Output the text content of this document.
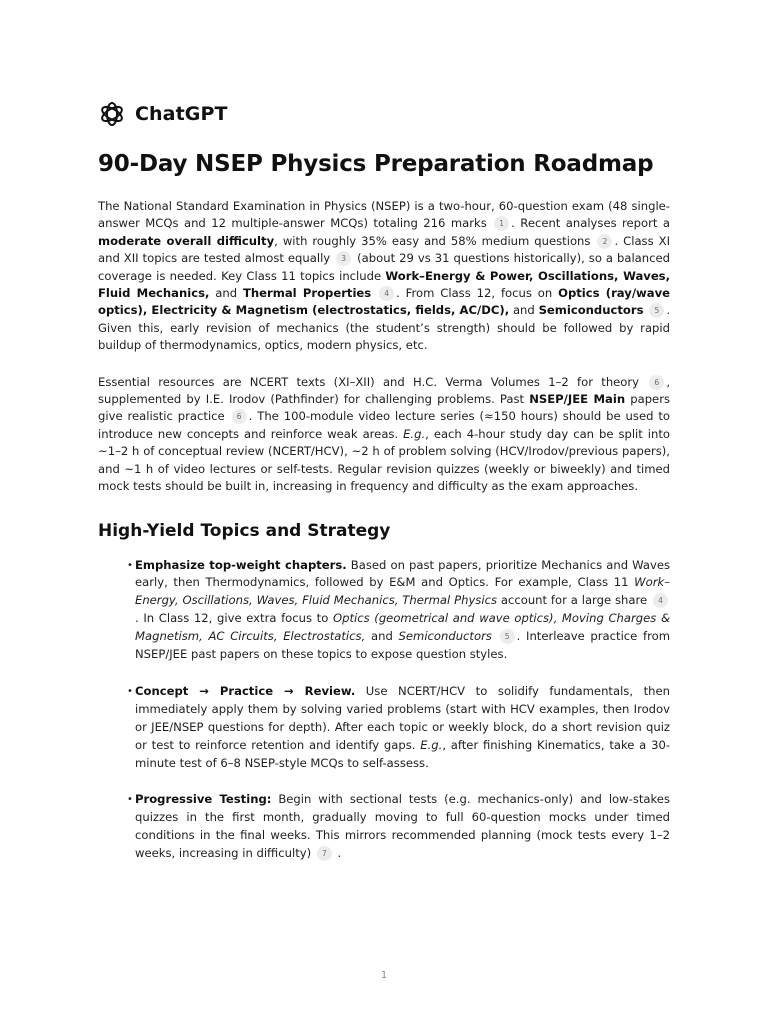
ChatGPT
90-Day NSEP Physics Preparation Roadmap

The National Standard Examination in Physics (NSEP) is a two-hour, 60-question exam (48 single-answer MCQs and 12 multiple-answer MCQs) totaling 216 marks 1 . Recent analyses report a moderate overall difficulty, with roughly 35% easy and 58% medium questions 2 . Class XI and XII topics are tested almost equally 3 (about 29 vs 31 questions historically), so a balanced coverage is needed. Key Class 11 topics include Work–Energy & Power, Oscillations, Waves, Fluid Mechanics, and Thermal Properties 4 . From Class 12, focus on Optics (ray/wave optics), Electricity & Magnetism (electrostatics, fields, AC/DC), and Semiconductors 5 . Given this, early revision of mechanics (the student’s strength) should be followed by rapid buildup of thermodynamics, optics, modern physics, etc.

Essential resources are NCERT texts (XI–XII) and H.C. Verma Volumes 1–2 for theory 6 , supplemented by I.E. Irodov (Pathfinder) for challenging problems. Past NSEP/JEE Main papers give realistic practice 6 . The 100-module video lecture series (≈150 hours) should be used to introduce new concepts and reinforce weak areas. E.g., each 4-hour study day can be split into ~1–2 h of conceptual review (NCERT/HCV), ~2 h of problem solving (HCV/Irodov/previous papers), and ~1 h of video lectures or self-tests. Regular revision quizzes (weekly or biweekly) and timed mock tests should be built in, increasing in frequency and difficulty as the exam approaches.

High-Yield Topics and Strategy
• Emphasize top-weight chapters. Based on past papers, prioritize Mechanics and Waves early, then Thermodynamics, followed by E&M and Optics. For example, Class 11 Work–Energy, Oscillations, Waves, Fluid Mechanics, Thermal Physics account for a large share 4. In Class 12, give extra focus to Optics (geometrical and wave optics), Moving Charges & Magnetism, AC Circuits, Electrostatics, and Semiconductors 5 . Interleave practice from NSEP/JEE past papers on these topics to expose question styles.
• Concept → Practice → Review. Use NCERT/HCV to solidify fundamentals, then immediately apply them by solving varied problems (start with HCV examples, then Irodov or JEE/NSEP questions for depth). After each topic or weekly block, do a short revision quiz or test to reinforce retention and identify gaps. E.g., after finishing Kinematics, take a 30-minute test of 6–8 NSEP-style MCQs to self-assess.
• Progressive Testing: Begin with sectional tests (e.g. mechanics-only) and low-stakes quizzes in the first month, gradually moving to full 60-question mocks under timed conditions in the final weeks. This mirrors recommended planning (mock tests every 1–2 weeks, increasing in difficulty) 7 .
1
